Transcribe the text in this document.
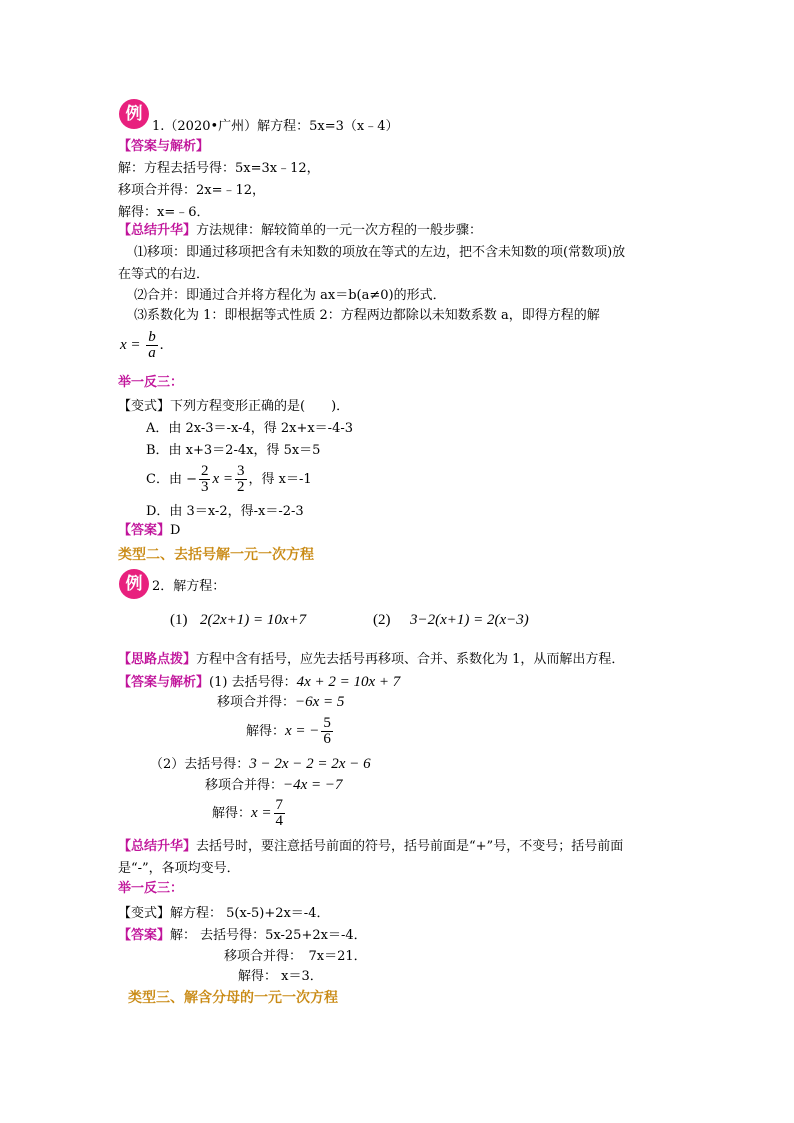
例
1.（2020•广州）解方程：5x=3（x﹣4）
【答案与解析】
解：方程去括号得：5x=3x﹣12，
移项合并得：2x=﹣12，
解得：x=﹣6．
【总结升华】方法规律：解较简单的一元一次方程的一般步骤：
⑴移项：即通过移项把含有未知数的项放在等式的左边，把不含未知数的项(常数项)放
在等式的右边．
⑵合并：即通过合并将方程化为 ax＝b(a≠0)的形式．
⑶系数化为 1：即根据等式性质 2：方程两边都除以未知数系数 a，即得方程的解
$x = \frac{b}{a}$ .
举一反三：
【变式】下列方程变形正确的是(　　)．
A．由 2x-3＝-x-4，得 2x+x＝-4-3
B．由 x+3＝2-4x，得 5x＝5
C．由 − $\frac{2}{3}$ $x = \frac{3}{2}$ ，得 x＝-1
D．由 3＝x-2，得-x＝-2-3
【答案】D
类型二、去括号解一元一次方程
例 2．解方程：
(1) 2(2x+1) = 10x+7	(2) 3−2(x+1) = 2(x−3)
【思路点拨】方程中含有括号，应先去括号再移项、合并、系数化为 1，从而解出方程．
【答案与解析】(1) 去括号得：4x + 2 = 10x + 7
移项合并得：−6x = 5
解得：x = − $\frac{5}{6}$
（2）去括号得：3 − 2x − 2 = 2x − 6
移项合并得：−4x = −7
解得：$x = \frac{7}{4}$
【总结升华】去括号时，要注意括号前面的符号，括号前面是“+”号，不变号；括号前面
是“-”，各项均变号．
举一反三：
【变式】解方程： 5(x-5)+2x＝-4．
【答案】解： 去括号得：5x-25+2x＝-4．
移项合并得：　7x＝21．
解得： x＝3．
类型三、解含分母的一元一次方程
